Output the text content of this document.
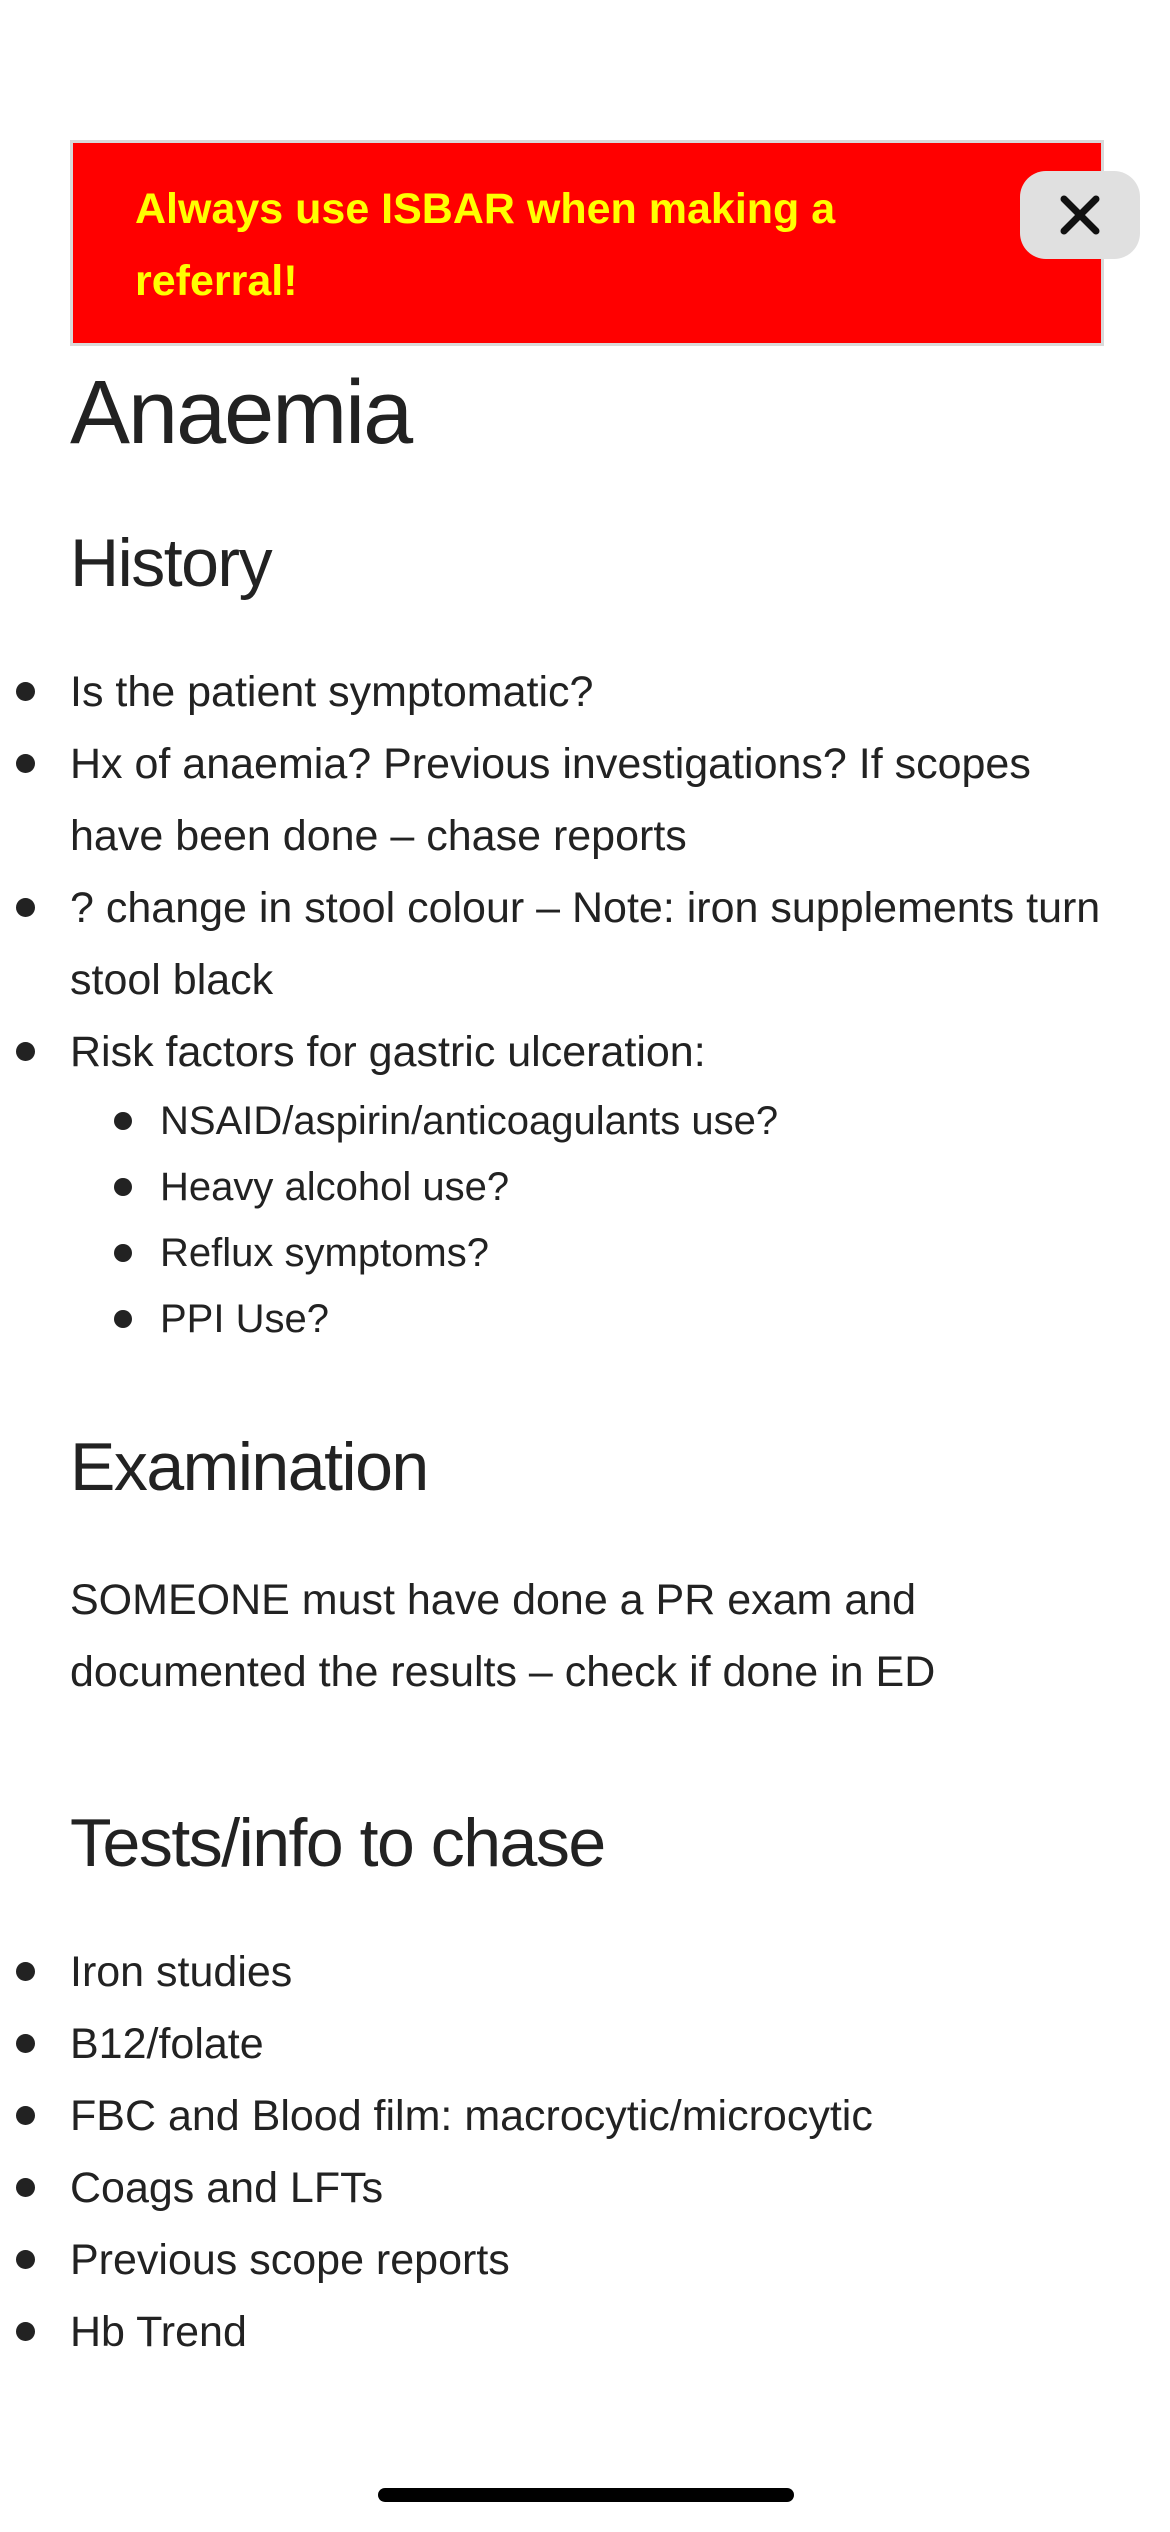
Always use ISBAR when making a referral!

Anaemia
History
Is the patient symptomatic?
Hx of anaemia? Previous investigations? If scopes have been done – chase reports
? change in stool colour – Note: iron supplements turn stool black
Risk factors for gastric ulceration:
NSAID/aspirin/anticoagulants use?
Heavy alcohol use?
Reflux symptoms?
PPI Use?
Examination

SOMEONE must have done a PR exam and documented the results – check if done in ED

Tests/info to chase
Iron studies
B12/folate
FBC and Blood film: macrocytic/microcytic
Coags and LFTs
Previous scope reports
Hb Trend
